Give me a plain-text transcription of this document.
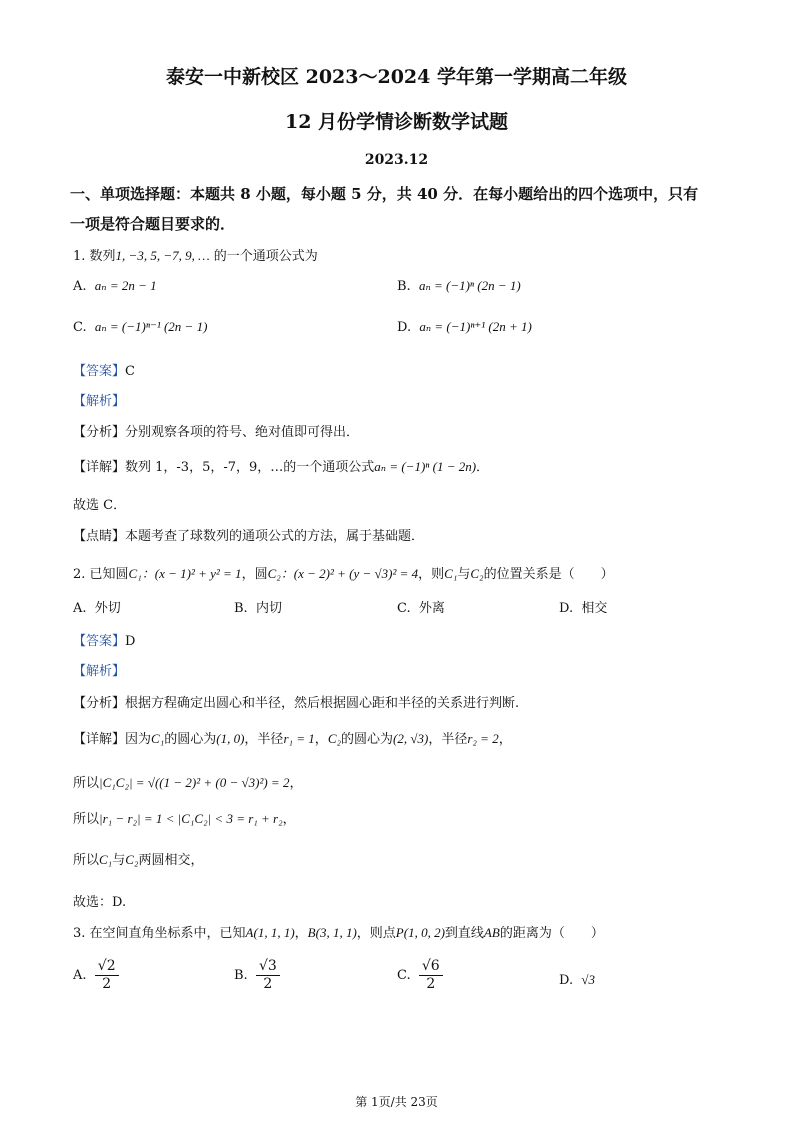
泰安一中新校区 2023～2024 学年第一学期高二年级
12 月份学情诊断数学试题
2023.12
一、单项选择题：本题共 8 小题，每小题 5 分，共 40 分．在每小题给出的四个选项中，只有
一项是符合题目要求的．
1. 数列1, −3, 5, −7, 9, … 的一个通项公式为
A. aₙ = 2n − 1	B. aₙ = (−1)ⁿ (2n − 1)
C. aₙ = (−1)ⁿ⁻¹ (2n − 1)	D. aₙ = (−1)ⁿ⁺¹ (2n + 1)
【答案】C
【解析】
【分析】分别观察各项的符号、绝对值即可得出．
【详解】数列 1，-3，5，-7，9，…的一个通项公式aₙ = (−1)ⁿ (1 − 2n)．
故选 C．
【点睛】本题考查了球数列的通项公式的方法，属于基础题．
2. 已知圆C₁：(x − 1)² + y² = 1，圆C₂：(x − 2)² + (y − √3)² = 4，则C₁与C₂的位置关系是（　　）
A. 外切	B. 内切	C. 外离	D. 相交
【答案】D
【解析】
【分析】根据方程确定出圆心和半径，然后根据圆心距和半径的关系进行判断.
【详解】因为C₁的圆心为(1, 0)，半径r₁ = 1，C₂的圆心为(2, √3)，半径r₂ = 2，
所以|C₁C₂| = √((1 − 2)² + (0 − √3)²) = 2，
所以|r₁ − r₂| = 1 < |C₁C₂| < 3 = r₁ + r₂，
所以C₁与C₂两圆相交，
故选：D.
3. 在空间直角坐标系中，已知A(1, 1, 1)，B(3, 1, 1)，则点P(1, 0, 2)到直线AB的距离为（　　）
A. $\frac{√2}{2}$	B. $\frac{√3}{2}$	C. $\frac{√6}{2}$	D. √3
第 1页/共 23页
